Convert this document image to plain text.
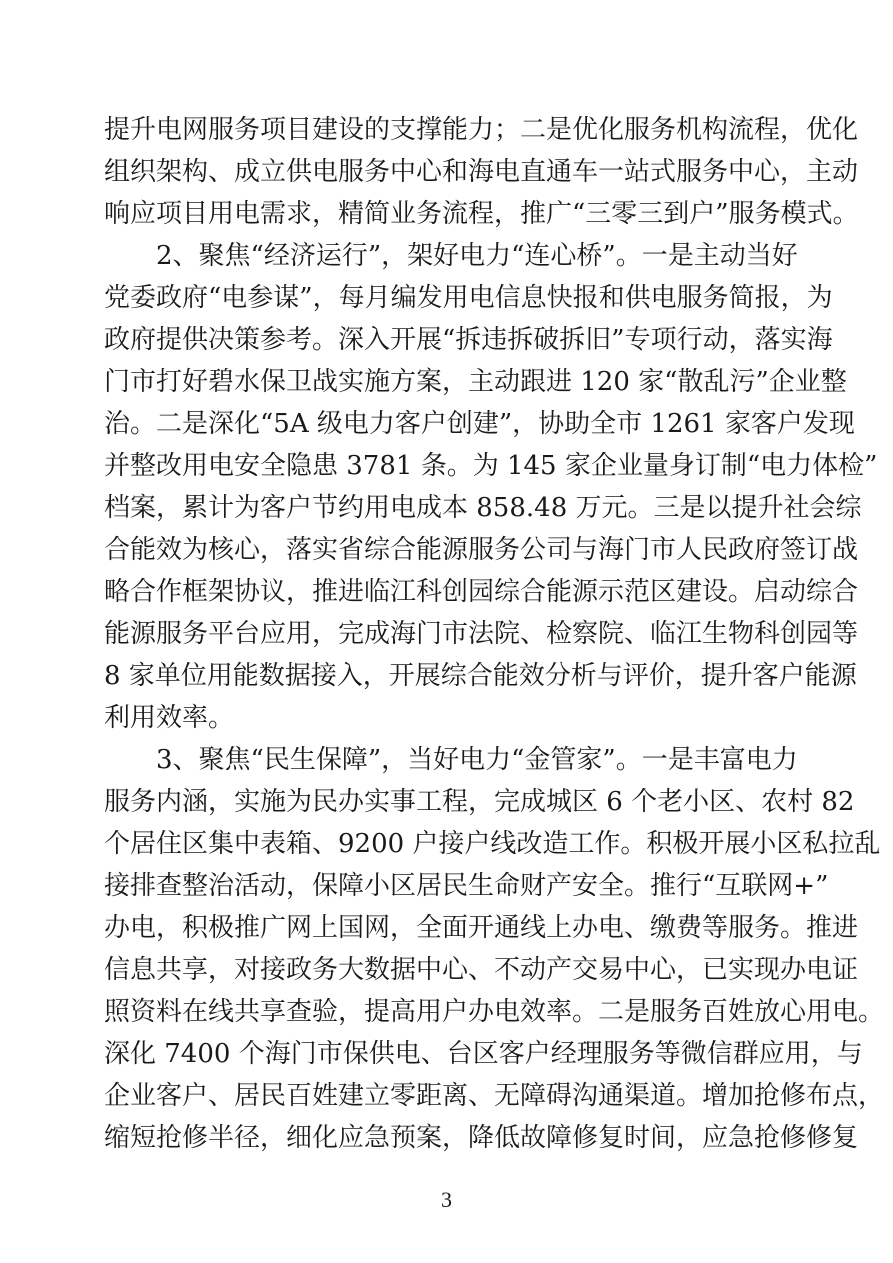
提升电网服务项目建设的支撑能力；二是优化服务机构流程，优化
组织架构、成立供电服务中心和海电直通车一站式服务中心，主动
响应项目用电需求，精简业务流程，推广“三零三到户”服务模式。
2、聚焦“经济运行”，架好电力“连心桥”。一是主动当好
党委政府“电参谋”，每月编发用电信息快报和供电服务简报，为
政府提供决策参考。深入开展“拆违拆破拆旧”专项行动，落实海
门市打好碧水保卫战实施方案，主动跟进 120 家“散乱污”企业整
治。二是深化“5A 级电力客户创建”，协助全市 1261 家客户发现
并整改用电安全隐患 3781 条。为 145 家企业量身订制“电力体检”
档案，累计为客户节约用电成本 858.48 万元。三是以提升社会综
合能效为核心，落实省综合能源服务公司与海门市人民政府签订战
略合作框架协议，推进临江科创园综合能源示范区建设。启动综合
能源服务平台应用，完成海门市法院、检察院、临江生物科创园等
8 家单位用能数据接入，开展综合能效分析与评价，提升客户能源
利用效率。
3、聚焦“民生保障”，当好电力“金管家”。一是丰富电力
服务内涵，实施为民办实事工程，完成城区 6 个老小区、农村 82
个居住区集中表箱、9200 户接户线改造工作。积极开展小区私拉乱
接排查整治活动，保障小区居民生命财产安全。推行“互联网+”
办电，积极推广网上国网，全面开通线上办电、缴费等服务。推进
信息共享，对接政务大数据中心、不动产交易中心，已实现办电证
照资料在线共享查验，提高用户办电效率。二是服务百姓放心用电。
深化 7400 个海门市保供电、台区客户经理服务等微信群应用，与
企业客户、居民百姓建立零距离、无障碍沟通渠道。增加抢修布点，
缩短抢修半径，细化应急预案，降低故障修复时间，应急抢修修复
3
